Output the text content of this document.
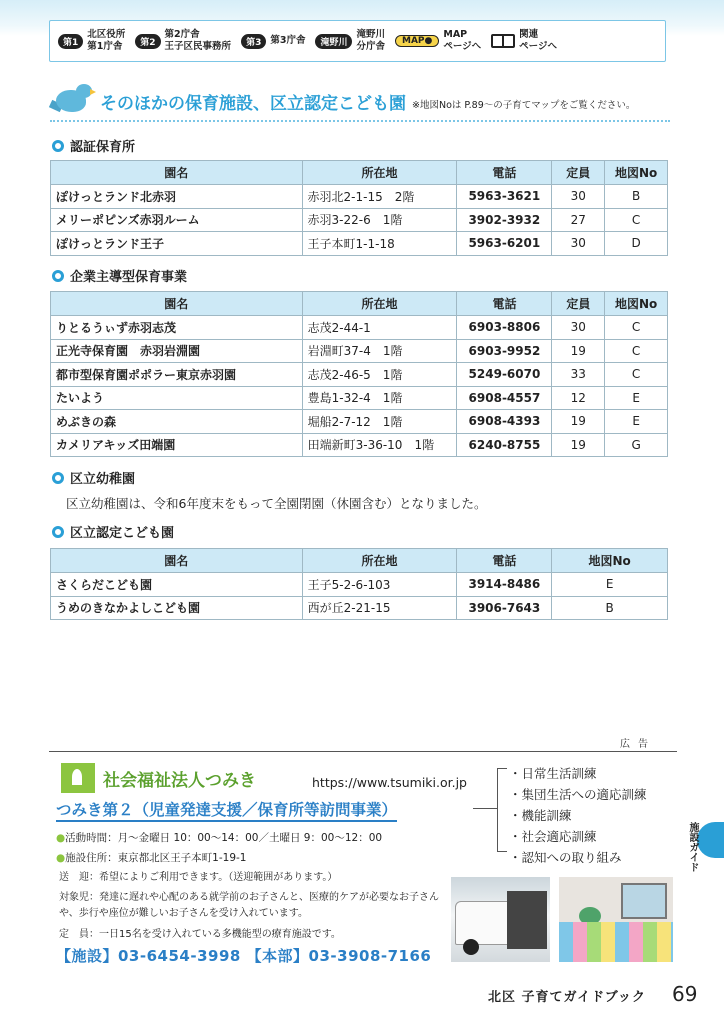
第1
北区役所
第1庁舎	第2
第2庁舎
王子区民事務所	第3 第3庁舎	滝野川
滝野川
分庁舎	MAP●
MAP
ページへ
関連
ページへ
そのほかの保育施設、区立認定こども園 ※地図Noは P.89〜の子育てマップをご覧ください。
認証保育所
園名	所在地	電話	定員	地図No
ぽけっとランド北赤羽	赤羽北2-1-15　2階	5963-3621	30	B
メリーポピンズ赤羽ルーム	赤羽3-22-6　1階	3902-3932	27	C
ぽけっとランド王子	王子本町1-1-18	5963-6201	30	D
企業主導型保育事業
園名	所在地	電話	定員	地図No
りとるうぃず赤羽志茂	志茂2-44-1	6903-8806	30	C
正光寺保育園　赤羽岩淵園	岩淵町37-4　1階	6903-9952	19	C
都市型保育園ポポラー東京赤羽園	志茂2-46-5　1階	5249-6070	33	C
たいよう	豊島1-32-4　1階	6908-4557	12	E
めぶきの森	堀船2-7-12　1階	6908-4393	19	E
カメリアキッズ田端園	田端新町3-36-10　1階	6240-8755	19	G
区立幼稚園
区立幼稚園は、令和6年度末をもって全園閉園（休園含む）となりました。
区立認定こども園
園名	所在地	電話	地図No
さくらだこども園	王子5-2-6-103	3914-8486	E
うめのきなかよしこども園	西が丘2-21-15	3906-7643	B
広告
社会福祉法人つみき	https://www.tsumiki.or.jp
つみき第２（児童発達支援／保育所等訪問事業）
・日常生活訓練
・集団生活への適応訓練
・機能訓練
・社会適応訓練
・認知への取り組み
●活動時間：月〜金曜日 10：00〜14：00／土曜日 9：00〜12：00
●施設住所：東京都北区王子本町1-19-1
送　迎：希望によりご利用できます。（送迎範囲があります。）
対象児：発達に遅れや心配のある就学前のお子さんと、医療的ケアが必要なお子さんや、歩行や座位が難しいお子さんを受け入れています。
定　員：一日15名を受け入れている多機能型の療育施設です。
【施設】03-6454-3998 【本部】03-3908-7166
施設ガイド
北区 子育てガイドブック 69
